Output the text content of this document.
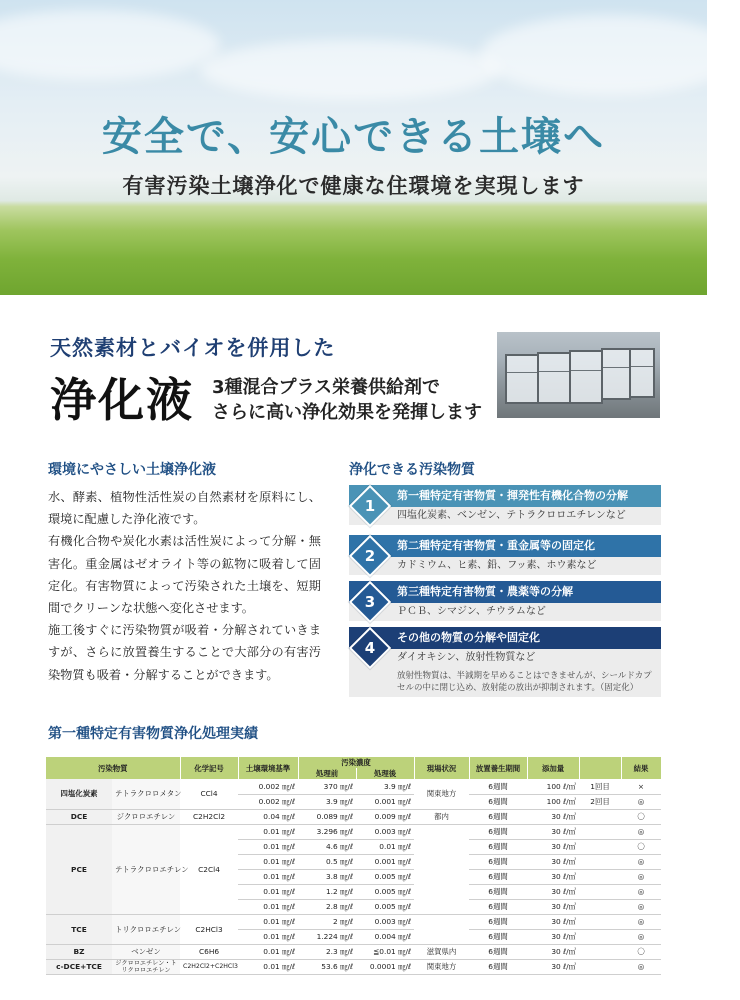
安全で、安心できる土壌へ
有害汚染土壌浄化で健康な住環境を実現します
天然素材とバイオを併用した
浄化液 3種混合プラス栄養供給剤で
さらに高い浄化効果を発揮します
環境にやさしい土壌浄化液

水、酵素、植物性活性炭の自然素材を原料にし、環境に配慮した浄化液です。

有機化合物や炭化水素は活性炭によって分解・無害化。重金属はゼオライト等の鉱物に吸着して固定化。有害物質によって汚染された土壌を、短期間でクリーンな状態へ変化させます。

施工後すぐに汚染物質が吸着・分解されていきますが、さらに放置養生することで大部分の有害汚染物質も吸着・分解することができます。

浄化できる汚染物質
1
第一種特定有害物質・揮発性有機化合物の分解
四塩化炭素、ベンゼン、テトラクロロエチレンなど
2
第二種特定有害物質・重金属等の固定化
カドミウム、ヒ素、鉛、フッ素、ホウ素など
3
第三種特定有害物質・農薬等の分解
ＰＣＢ、シマジン、チウラムなど
4
その他の物質の分解や固定化
ダイオキシン、放射性物質など
放射性物質は、半減期を早めることはできませんが、シールドカプセルの中に閉じ込め、放射能の放出が抑制されます。（固定化）
第一種特定有害物質浄化処理実績
汚染物質		化学記号	土壌環境基準	汚染濃度		現場状況	放置養生期間	添加量		結果
				処理前	処理後					
四塩化炭素	テトラクロロメタン	CCl4	0.002 ㎎/ℓ	370 ㎎/ℓ	3.9 ㎎/ℓ	関東地方	6週間	100 ℓ/㎥	1回目	×
			0.002 ㎎/ℓ	3.9 ㎎/ℓ	0.001 ㎎/ℓ		6週間	100 ℓ/㎥	2回目	◎
DCE	ジクロロエチレン	C2H2Cl2	0.04 ㎎/ℓ	0.089 ㎎/ℓ	0.009 ㎎/ℓ	都内	6週間	30 ℓ/㎥		〇
PCE	テトラクロロエチレン	C2Cl4	0.01 ㎎/ℓ	3.296 ㎎/ℓ	0.003 ㎎/ℓ		6週間	30 ℓ/㎥		◎
			0.01 ㎎/ℓ	4.6 ㎎/ℓ	0.01 ㎎/ℓ		6週間	30 ℓ/㎥		〇
			0.01 ㎎/ℓ	0.5 ㎎/ℓ	0.001 ㎎/ℓ		6週間	30 ℓ/㎥		◎
			0.01 ㎎/ℓ	3.8 ㎎/ℓ	0.005 ㎎/ℓ		6週間	30 ℓ/㎥		◎
			0.01 ㎎/ℓ	1.2 ㎎/ℓ	0.005 ㎎/ℓ		6週間	30 ℓ/㎥		◎
			0.01 ㎎/ℓ	2.8 ㎎/ℓ	0.005 ㎎/ℓ		6週間	30 ℓ/㎥		◎
TCE	トリクロロエチレン	C2HCl3	0.01 ㎎/ℓ	2 ㎎/ℓ	0.003 ㎎/ℓ		6週間	30 ℓ/㎥		◎
			0.01 ㎎/ℓ	1.224 ㎎/ℓ	0.004 ㎎/ℓ		6週間	30 ℓ/㎥		◎
BZ	ベンゼン	C6H6	0.01 ㎎/ℓ	2.3 ㎎/ℓ	≦0.01 ㎎/ℓ	滋賀県内	6週間	30 ℓ/㎥		〇
c-DCE+TCE	ジクロロエチレン・トリクロロエチレン	C2H2Cl2+C2HCl3	0.01 ㎎/ℓ	53.6 ㎎/ℓ	0.0001 ㎎/ℓ	関東地方	6週間	30 ℓ/㎥		◎
